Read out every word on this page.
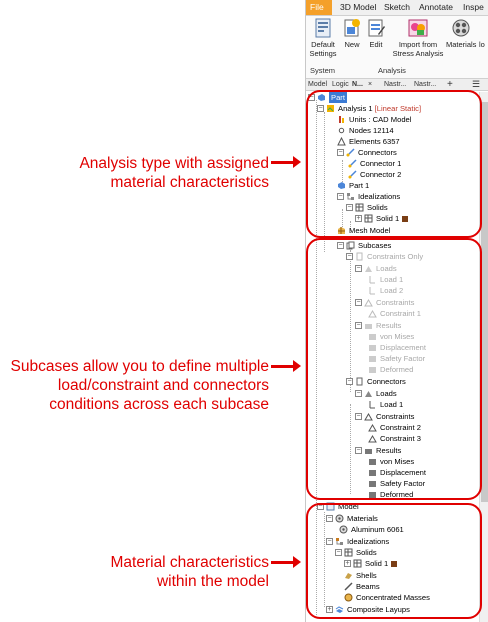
Analysis type with assigned
material characteristics
Subcases allow you to define multiple
load/constraint and connectors
conditions across each subcase
Material characteristics
within the model
File	3D Model Sketch	Annotate	Inspe
Default Settings
New	Edit	Import from Stress Analysis
Materials lo
System	Analysis
Model Logic N... × Nastr... Nastr... + ☰
− Part
− Analysis 1 [Linear Static]
Units : CAD Model
Nodes 12114
Elements 6357
− Connectors
Connector 1
Connector 2
Part 1
− Idealizations
− Solids
+ Solid 1
Mesh Model
− Subcases
− Constraints Only
− Loads
Load 1
Load 2
− Constraints
Constraint 1
− Results
von Mises
Displacement
Safety Factor
Deformed
− Connectors
− Loads
Load 1
− Constraints
Constraint 2
Constraint 3
− Results
von Mises
Displacement
Safety Factor
Deformed
− Model
− Materials
Aluminum 6061
− Idealizations
− Solids
+ Solid 1
Shells
Beams
Concentrated Masses
+ Composite Layups
